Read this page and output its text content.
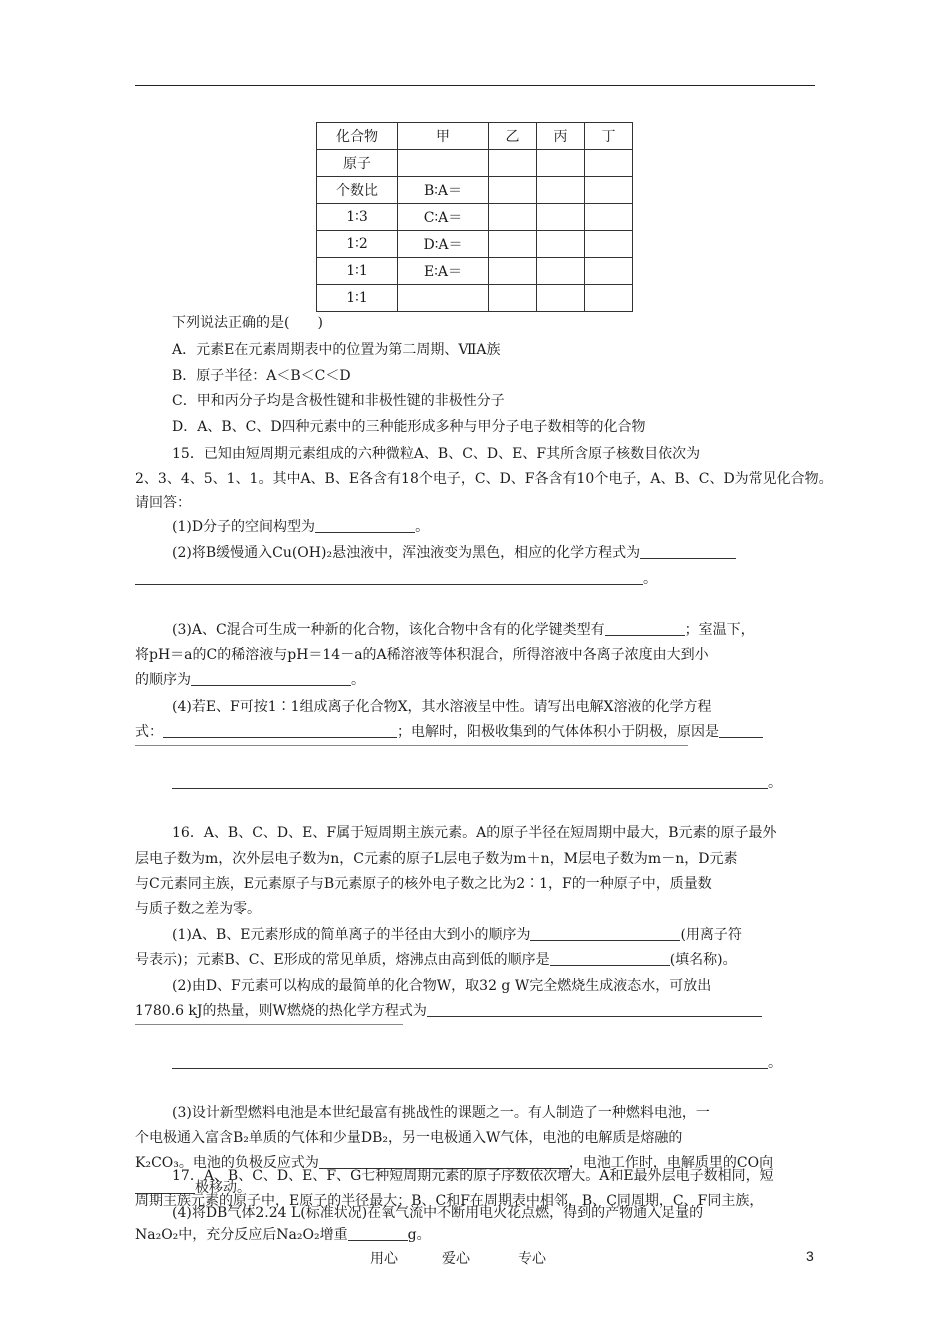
化合物	甲	乙	丙	丁
原子				
个数比	B∶A＝			
1∶3	C∶A＝			
1∶2	D∶A＝			
1∶1	E∶A＝			
1∶1				
下列说法正确的是(　　)
A．元素E在元素周期表中的位置为第二周期、ⅦA族
B．原子半径：A＜B＜C＜D
C．甲和丙分子均是含极性键和非极性键的非极性分子
D．A、B、C、D四种元素中的三种能形成多种与甲分子电子数相等的化合物
15．已知由短周期元素组成的六种微粒A、B、C、D、E、F其所含原子核数目依次为
2、3、4、5、1、1。其中A、B、E各含有18个电子，C、D、F各含有10个电子，A、B、C、D为常见化合物。
请回答：
(1)D分子的空间构型为	。
(2)将B缓慢通入Cu(OH)₂悬浊液中，浑浊液变为黑色，相应的化学方程式为
。
(3)A、C混合可生成一种新的化合物，该化合物中含有的化学键类型有	；室温下，
将pH＝a的C的稀溶液与pH＝14－a的A稀溶液等体积混合，所得溶液中各离子浓度由大到小
的顺序为	。
(4)若E、F可按1∶1组成离子化合物X，其水溶液呈中性。请写出电解X溶液的化学方程
式：	；电解时，阳极收集到的气体体积小于阴极，原因是
。
16．A、B、C、D、E、F属于短周期主族元素。A的原子半径在短周期中最大，B元素的原子最外
层电子数为m，次外层电子数为n，C元素的原子L层电子数为m＋n，M层电子数为m－n，D元素
与C元素同主族，E元素原子与B元素原子的核外电子数之比为2∶1，F的一种原子中，质量数
与质子数之差为零。
(1)A、B、E元素形成的简单离子的半径由大到小的顺序为	(用离子符
号表示)；元素B、C、E形成的常见单质，熔沸点由高到低的顺序是	(填名称)。
(2)由D、F元素可以构成的最简单的化合物W，取32 g W完全燃烧生成液态水，可放出
1780.6 kJ的热量，则W燃烧的热化学方程式为
。
(3)设计新型燃料电池是本世纪最富有挑战性的课题之一。有人制造了一种燃料电池，一
个电极通入富含B₂单质的气体和少量DB₂，另一电极通入W气体，电池的电解质是熔融的
K₂CO₃。电池的负极反应式为	，电池工作时，电解质里的CO向
极移动。
(4)将DB气体2.24 L(标准状况)在氧气流中不断用电火花点燃，得到的产物通入足量的
Na₂O₂中，充分反应后Na₂O₂增重	g。
用心	爱心	专心	3
17．A、B、C、D、E、F、G七种短周期元素的原子序数依次增大。A和E最外层电子数相同，短
周期主族元素的原子中，E原子的半径最大；B、C和F在周期表中相邻，B、C同周期，C、F同主族，
